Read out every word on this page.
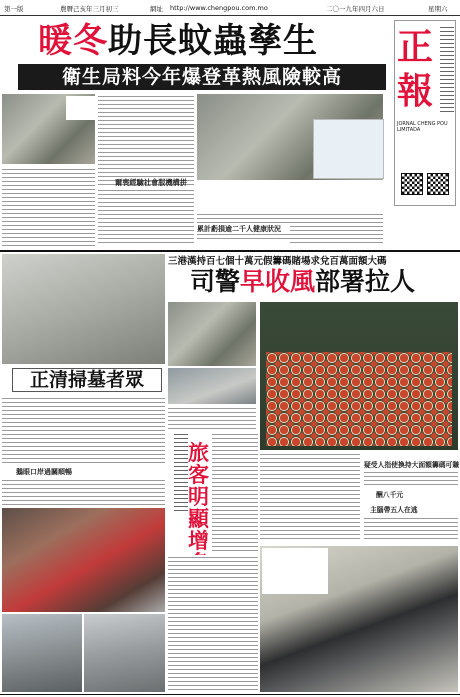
第一版	農曆己亥年三月初三	網址 http://www.chengpou.com.mo	二〇一九年四月六日	星期六
暖冬助長蚊蟲孳生
衛生局料今年爆登革熱風險較高
正報
JORNAL CHENG POU LIMITADA
爾喪經驗社會服機構拼
累計虧損逾二千人健康狀況
三港漢持百七個十萬元假籌碼賭場求兌百萬面額大碼
司警早收風部署拉人
正清掃墓者眾
鵝眼口岸過關順暢
旅客明顯增
疑受人指使換持大面額籌碼可賺
酬八千元
主腦帶五人在逃
